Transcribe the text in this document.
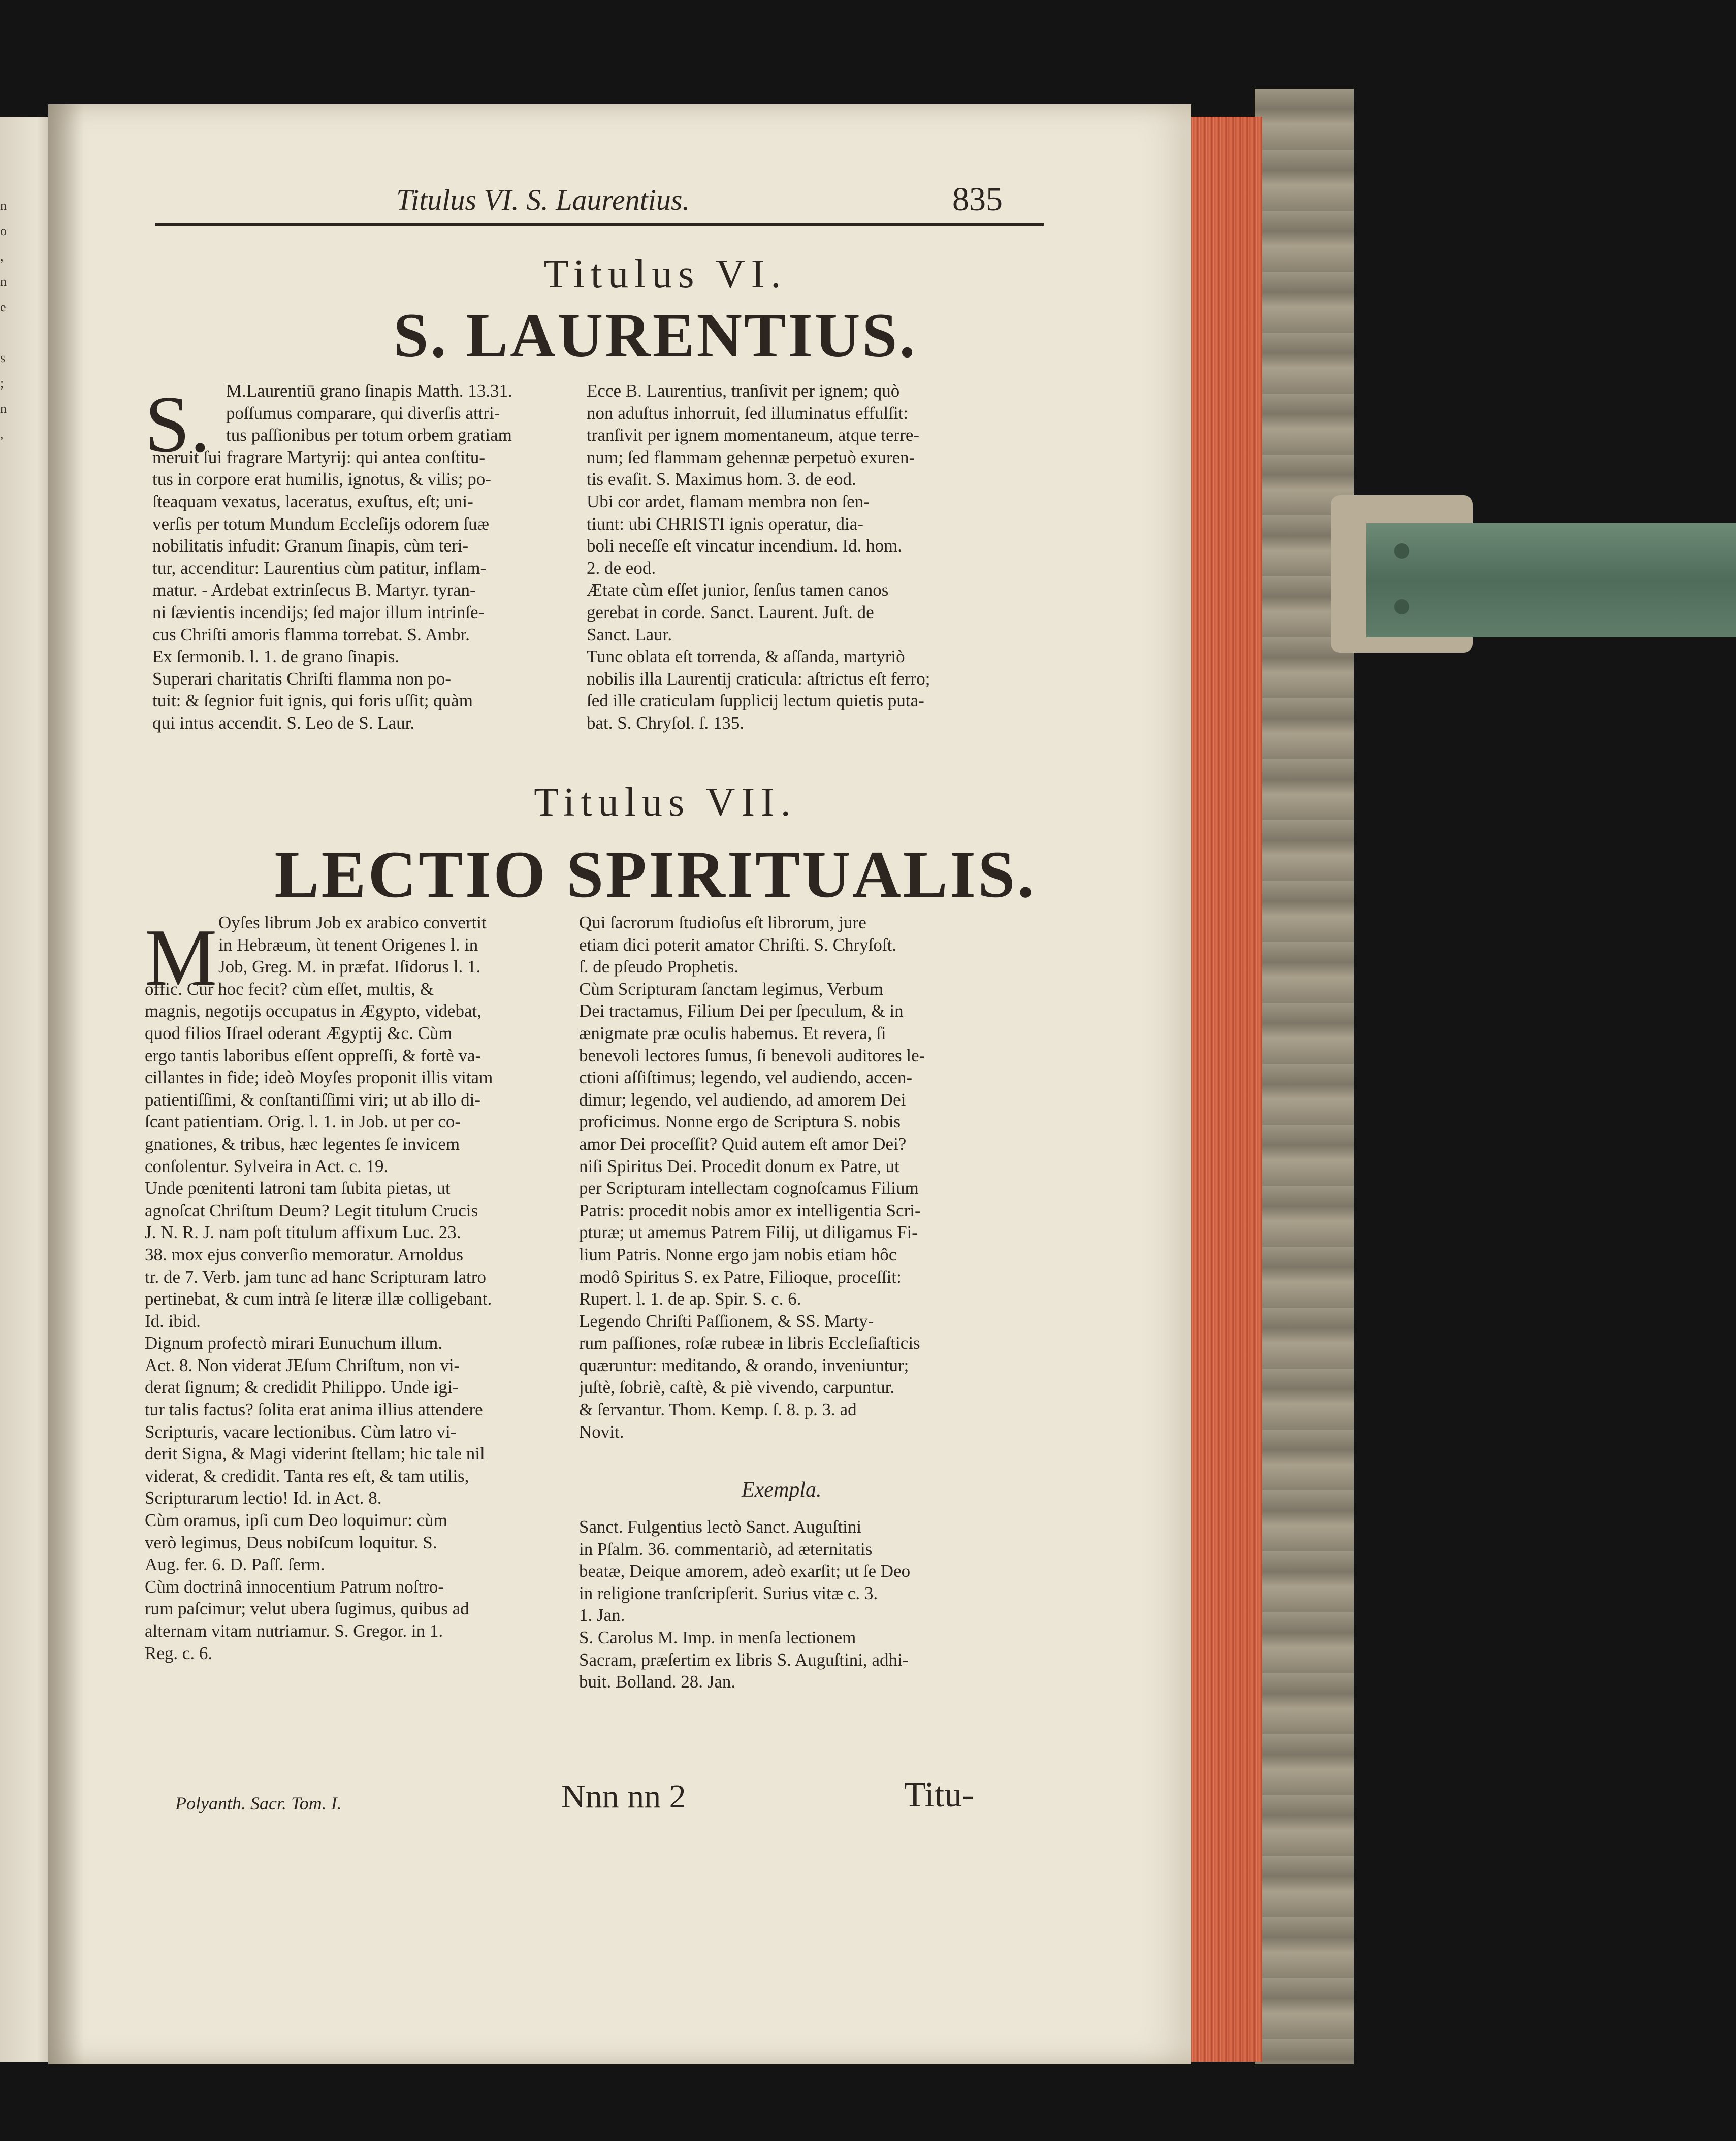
n
o
,
n
e

s
;
n
,
Titulus VI. S. Laurentius.	835
Titulus VI.
S. LAURENTIUS.
S. M.Laurentiū grano ſinapis Matth. 13.31.
poſſumus comparare, qui diverſis attri-
tus paſſionibus per totum orbem gratiam
meruit ſui fragrare Martyrij: qui antea conſtitu-
tus in corpore erat humilis, ignotus, & vilis; po-
ſteaquam vexatus, laceratus, exuſtus, eſt; uni-
verſis per totum Mundum Eccleſijs odorem ſuæ
nobilitatis infudit: Granum ſinapis, cùm teri-
tur, accenditur: Laurentius cùm patitur, inflam-
matur. - Ardebat extrinſecus B. Martyr. tyran-
ni ſævientis incendijs; ſed major illum intrinſe-
cus Chriſti amoris flamma torrebat. S. Ambr.
Ex ſermonib. l. 1. de grano ſinapis.
Superari charitatis Chriſti flamma non po-
tuit: & ſegnior fuit ignis, qui foris uſſit; quàm
qui intus accendit. S. Leo de S. Laur.
Ecce B. Laurentius, tranſivit per ignem; quò
non aduſtus inhorruit, ſed illuminatus effulſit:
tranſivit per ignem momentaneum, atque terre-
num; ſed flammam gehennæ perpetuò exuren-
tis evaſit. S. Maximus hom. 3. de eod.
Ubi cor ardet, flamam membra non ſen-
tiunt: ubi CHRISTI ignis operatur, dia-
boli neceſſe eſt vincatur incendium. Id. hom.
2. de eod.
Ætate cùm eſſet junior, ſenſus tamen canos
gerebat in corde. Sanct. Laurent. Juſt. de
Sanct. Laur.
Tunc oblata eſt torrenda, & aſſanda, martyriò
nobilis illa Laurentij craticula: aſtrictus eſt ferro;
ſed ille craticulam ſupplicij lectum quietis puta-
bat. S. Chryſol. ſ. 135.
Titulus VII.
LECTIO SPIRITUALIS.
M Oyſes librum Job ex arabico convertit
in Hebræum, ùt tenent Origenes l. in
Job, Greg. M. in præfat. Iſidorus l. 1.
offic. Cur hoc fecit? cùm eſſet, multis, &
magnis, negotijs occupatus in Ægypto, videbat,
quod filios Iſrael oderant Ægyptij &c. Cùm
ergo tantis laboribus eſſent oppreſſi, & fortè va-
cillantes in fide; ideò Moyſes proponit illis vitam
patientiſſimi, & conſtantiſſimi viri; ut ab illo di-
ſcant patientiam. Orig. l. 1. in Job. ut per co-
gnationes, & tribus, hæc legentes ſe invicem
conſolentur. Sylveira in Act. c. 19.
Unde pœnitenti latroni tam ſubita pietas, ut
agnoſcat Chriſtum Deum? Legit titulum Crucis
J. N. R. J. nam poſt titulum affixum Luc. 23.
38. mox ejus converſio memoratur. Arnoldus
tr. de 7. Verb. jam tunc ad hanc Scripturam latro
pertinebat, & cum intrà ſe literæ illæ colligebant.
Id. ibid.
Dignum profectò mirari Eunuchum illum.
Act. 8. Non viderat JEſum Chriſtum, non vi-
derat ſignum; & credidit Philippo. Unde igi-
tur talis factus? ſolita erat anima illius attendere
Scripturis, vacare lectionibus. Cùm latro vi-
derit Signa, & Magi viderint ſtellam; hic tale nil
viderat, & credidit. Tanta res eſt, & tam utilis,
Scripturarum lectio! Id. in Act. 8.
Cùm oramus, ipſi cum Deo loquimur: cùm
verò legimus, Deus nobiſcum loquitur. S.
Aug. fer. 6. D. Paſſ. ſerm.
Cùm doctrinâ innocentium Patrum noſtro-
rum paſcimur; velut ubera ſugimus, quibus ad
alternam vitam nutriamur. S. Gregor. in 1.
Reg. c. 6.
Qui ſacrorum ſtudioſus eſt librorum, jure
etiam dici poterit amator Chriſti. S. Chryſoſt.
ſ. de pſeudo Prophetis.
Cùm Scripturam ſanctam legimus, Verbum
Dei tractamus, Filium Dei per ſpeculum, & in
ænigmate præ oculis habemus. Et revera, ſi
benevoli lectores ſumus, ſi benevoli auditores le-
ctioni aſſiſtimus; legendo, vel audiendo, accen-
dimur; legendo, vel audiendo, ad amorem Dei
proficimus. Nonne ergo de Scriptura S. nobis
amor Dei proceſſit? Quid autem eſt amor Dei?
niſi Spiritus Dei. Procedit donum ex Patre, ut
per Scripturam intellectam cognoſcamus Filium
Patris: procedit nobis amor ex intelligentia Scri-
pturæ; ut amemus Patrem Filij, ut diligamus Fi-
lium Patris. Nonne ergo jam nobis etiam hôc
modô Spiritus S. ex Patre, Filioque, proceſſit:
Rupert. l. 1. de ap. Spir. S. c. 6.
Legendo Chriſti Paſſionem, & SS. Marty-
rum paſſiones, roſæ rubeæ in libris Eccleſiaſticis
quæruntur: meditando, & orando, inveniuntur;
juſtè, ſobriè, caſtè, & piè vivendo, carpuntur.
& ſervantur. Thom. Kemp. ſ. 8. p. 3. ad
Novit.
Exempla.
Sanct. Fulgentius lectò Sanct. Auguſtini
in Pſalm. 36. commentariò, ad æternitatis
beatæ, Deique amorem, adeò exarſit; ut ſe Deo
in religione tranſcripſerit. Surius vitæ c. 3.
1. Jan.
S. Carolus M. Imp. in menſa lectionem
Sacram, præſertim ex libris S. Auguſtini, adhi-
buit. Bolland. 28. Jan.
Polyanth. Sacr. Tom. I.	Nnn nn 2	Titu-
